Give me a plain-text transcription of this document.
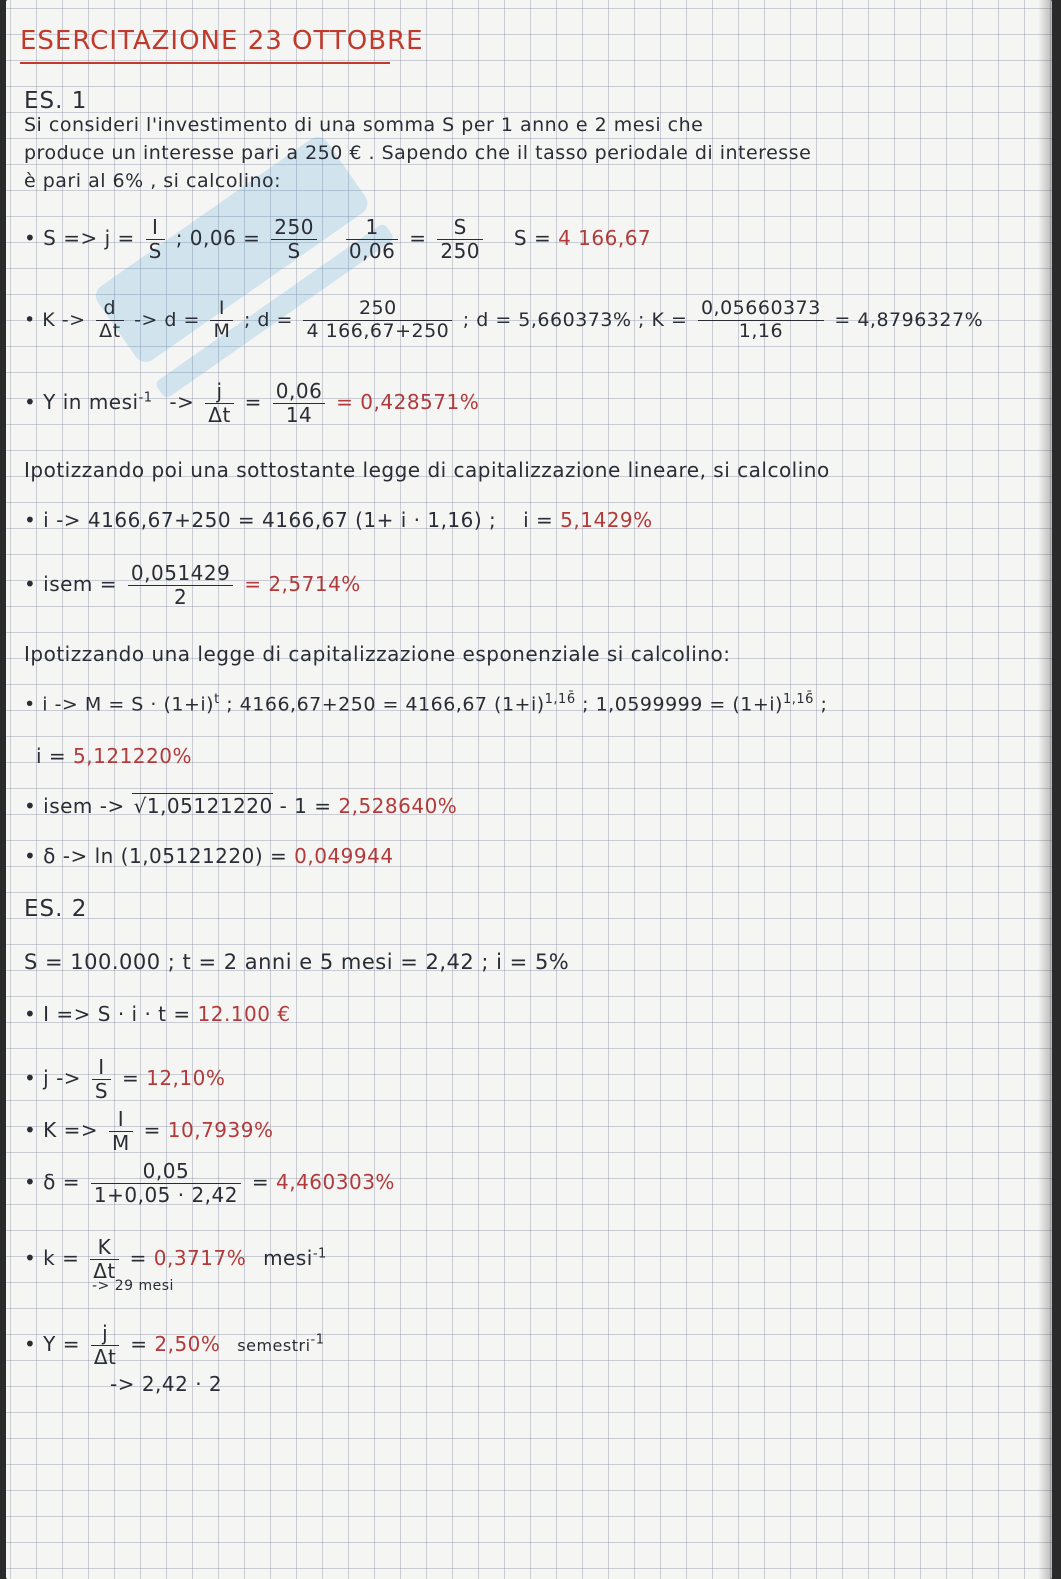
ESERCITAZIONE 23 OTTOBRE
ES. 1
Si consideri l'investimento di una somma S per 1 anno e 2 mesi che
produce un interesse pari a 250 € . Sapendo che il tasso periodale di interesse
è pari al 6% , si calcolino:
• $S => j = \frac{I}{S}$ ; $0,06 = \frac{250}{S}$
$\frac{1}{0,06} = \frac{S}{250}$ S = 4 166,67
• $K -> \frac{d}{\Delta t} -> d = \frac{I}{M}$ ; $d = \frac{250}{4 166,67+250}$ ; d = 5,660373% ; $K = \frac{0,05660373}{1,16} = 4,8796327\%$
• Y in mesi$^{-1}$ -> $\frac{j}{\Delta t} = \frac{0,06}{14} = 0,428571\%$
Ipotizzando poi una sottostante legge di capitalizzazione lineare, si calcolino
• i -> 4166,67+250 = 4166,67 (1+ i · 1,16) ; i = 5,1429%
• isem = $\frac{0,051429}{2} = 2,5714\%$
Ipotizzando una legge di capitalizzazione esponenziale si calcolino:
• $i -> M = S \cdot (1+i)^t$ ; 4166,67+250 = 4166,67 $(1+i)^{1,16̄}$ ; $1,0599999 = (1+i)^{1,16̄}$ ;
i = 5,121220%
• isem -> √1,05121220 - 1 = 2,528640%
• δ -> ln (1,05121220) = 0,049944
ES. 2
S = 100.000 ; t = 2 anni e 5 mesi = 2,42 ; i = 5%
• I => S · i · t = 12.100 €
• $j -> \frac{I}{S} = 12,10\%$
• $K => \frac{I}{M} = 10,7939\%$
• $\delta = \frac{0,05}{1+0,05 \cdot 2,42} = 4,460303\%$
• $k = \frac{K}{\Delta t} = 0,3717\%$ mesi$^{-1}$
-> 29 mesi
• $Y = \frac{j}{\Delta t} = 2,50\%$ semestri$^{-1}$
-> 2,42 · 2
